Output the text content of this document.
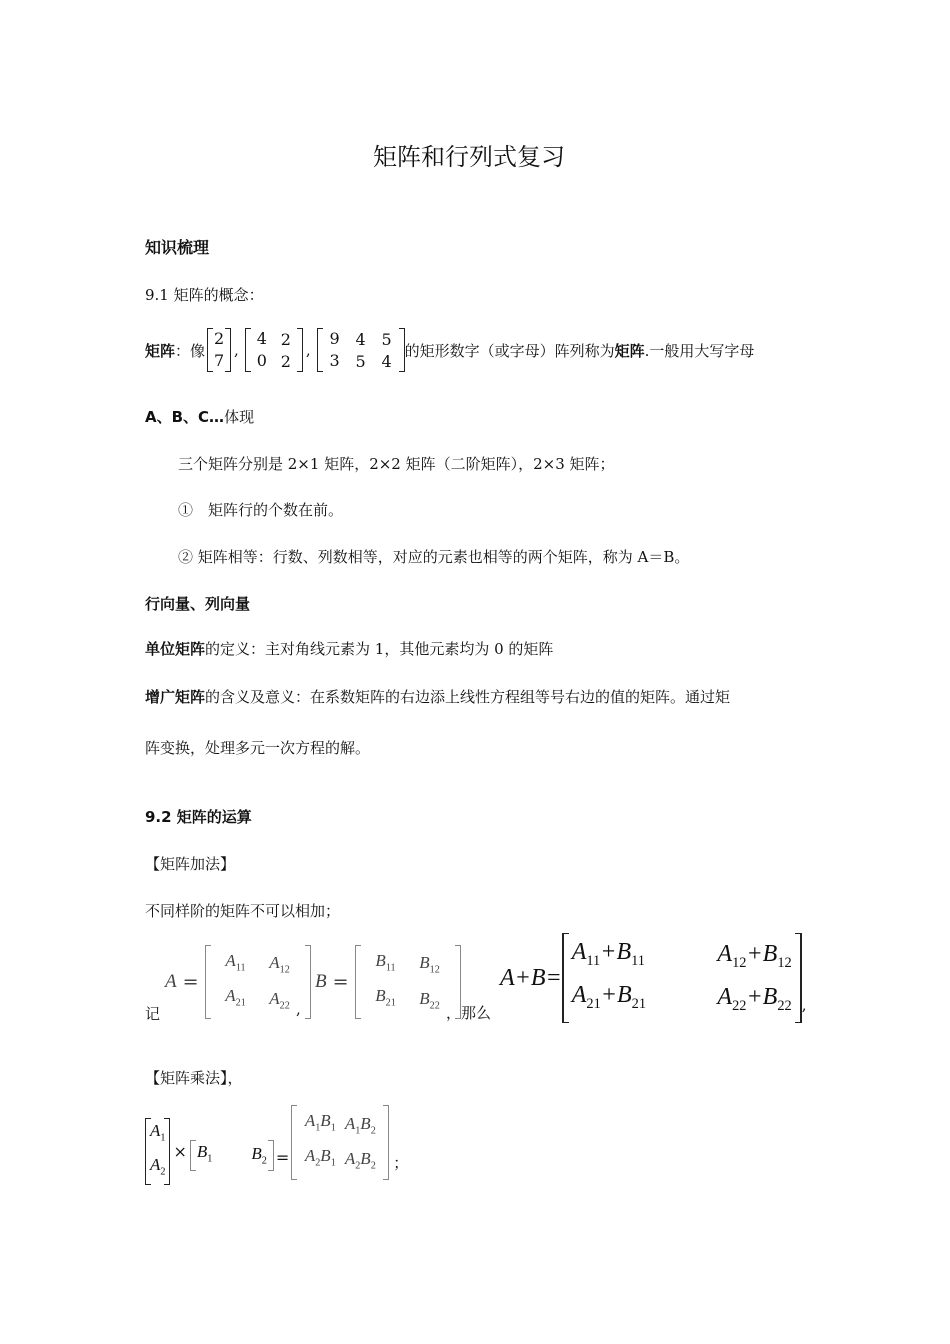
矩阵和行列式复习
知识梳理
9.1 矩阵的概念：
矩阵 ：像
2
7
,
4	2
0	2
,
9	4	5
3	5	4
的矩形数字（或字母）阵列称为 矩阵 .一般用大写字母
A、B、C…体现
三个矩阵分别是 2×1 矩阵，2×2 矩阵（二阶矩阵），2×3 矩阵；
①　矩阵行的个数在前。
② 矩阵相等：行数、列数相等，对应的元素也相等的两个矩阵，称为 A＝B。
行向量、列向量
单位矩阵的定义：主对角线元素为 1，其他元素均为 0 的矩阵
增广矩阵的含义及意义：在系数矩阵的右边添上线性方程组等号右边的值的矩阵。通过矩
阵变换，处理多元一次方程的解。
9.2 矩阵的运算
【矩阵加法】
不同样阶的矩阵不可以相加；
记
A =
$A_{11}$	$A_{12}$
$A_{21}$	$A_{22}$ ,
B =
$B_{11}$	$B_{12}$
$B_{21}$	$B_{22}$ ，那么
A+B=
$A_{11}+B_{11}$	$A_{12}+B_{12}$
$A_{21}+B_{21}$	$A_{22}+B_{22}$ ,
【矩阵乘法】，
$A_1$
$A_2$
× $B_1$	$B_2$ =
$A_1B_1$	$A_1B_2$
$A_2B_1$	$A_2B_2$ ；
